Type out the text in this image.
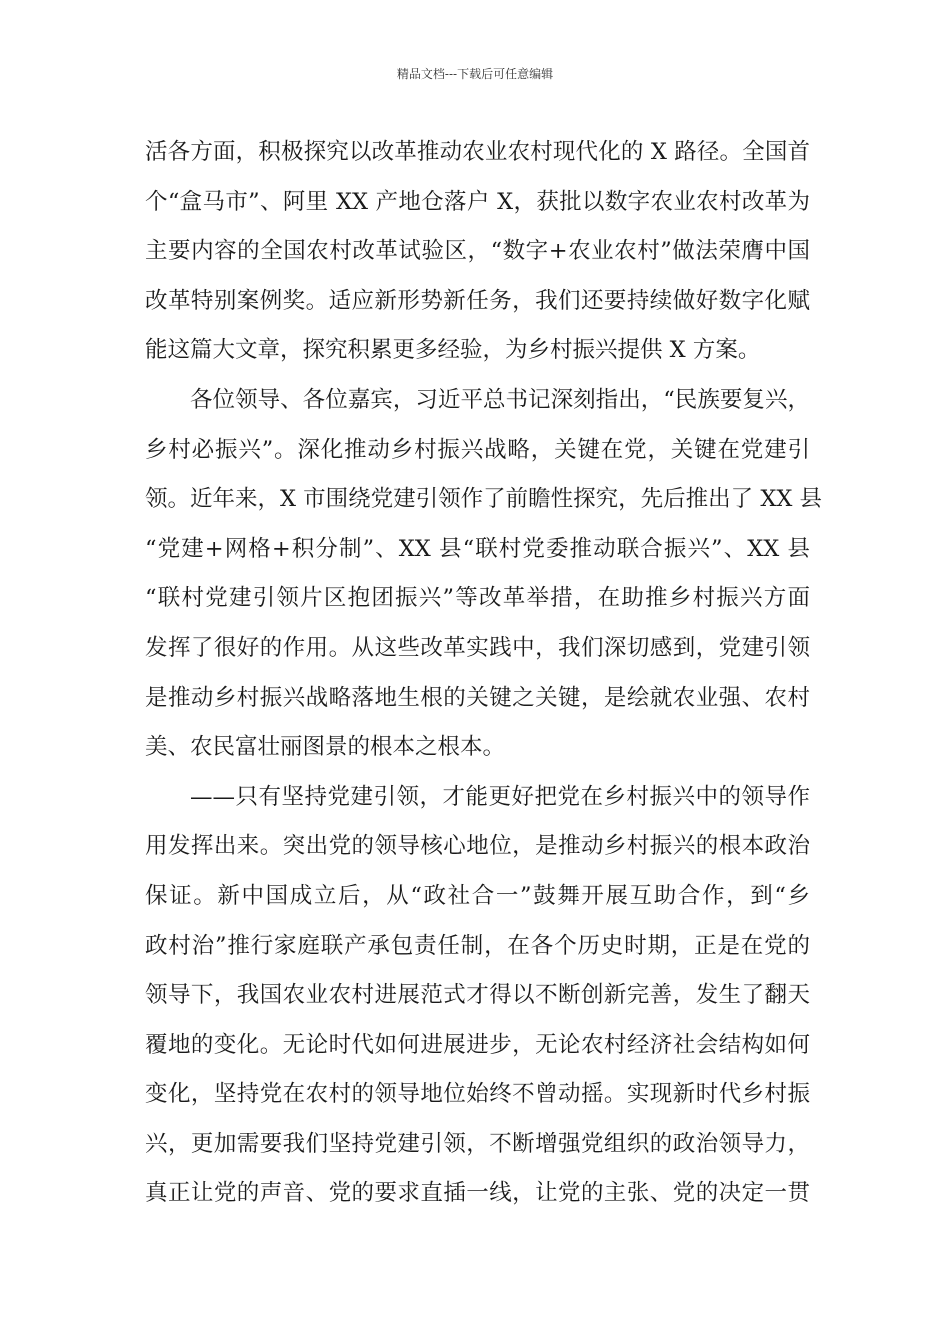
精品文档---下载后可任意编辑
活各方面，积极探究以改革推动农业农村现代化的 X 路径。全国首
个“盒马市”、阿里 XX 产地仓落户 X，获批以数字农业农村改革为
主要内容的全国农村改革试验区，“数字+农业农村”做法荣膺中国
改革特别案例奖。适应新形势新任务，我们还要持续做好数字化赋
能这篇大文章，探究积累更多经验，为乡村振兴提供 X 方案。
各位领导、各位嘉宾，习近平总书记深刻指出，“民族要复兴，
乡村必振兴”。深化推动乡村振兴战略，关键在党，关键在党建引
领。近年来，X 市围绕党建引领作了前瞻性探究，先后推出了 XX 县
“党建+网格+积分制”、XX 县“联村党委推动联合振兴”、XX 县
“联村党建引领片区抱团振兴”等改革举措，在助推乡村振兴方面
发挥了很好的作用。从这些改革实践中，我们深切感到，党建引领
是推动乡村振兴战略落地生根的关键之关键，是绘就农业强、农村
美、农民富壮丽图景的根本之根本。
——只有坚持党建引领，才能更好把党在乡村振兴中的领导作
用发挥出来。突出党的领导核心地位，是推动乡村振兴的根本政治
保证。新中国成立后，从“政社合一”鼓舞开展互助合作，到“乡
政村治”推行家庭联产承包责任制，在各个历史时期，正是在党的
领导下，我国农业农村进展范式才得以不断创新完善，发生了翻天
覆地的变化。无论时代如何进展进步，无论农村经济社会结构如何
变化，坚持党在农村的领导地位始终不曾动摇。实现新时代乡村振
兴，更加需要我们坚持党建引领，不断增强党组织的政治领导力，
真正让党的声音、党的要求直插一线，让党的主张、党的决定一贯
